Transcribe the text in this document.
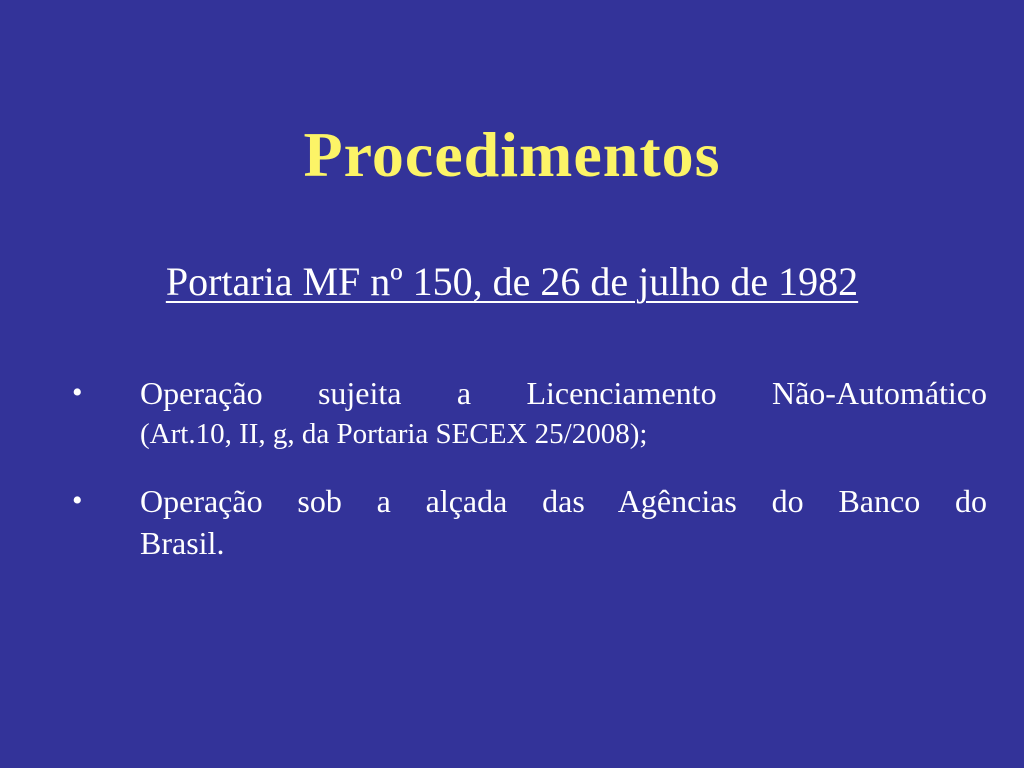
Procedimentos
Portaria MF nº 150, de 26 de julho de 1982
•	Operação sujeita a Licenciamento Não-Automático
(Art.10, II, g, da Portaria SECEX 25/2008);
•	Operação sob a alçada das Agências do Banco do
Brasil.
